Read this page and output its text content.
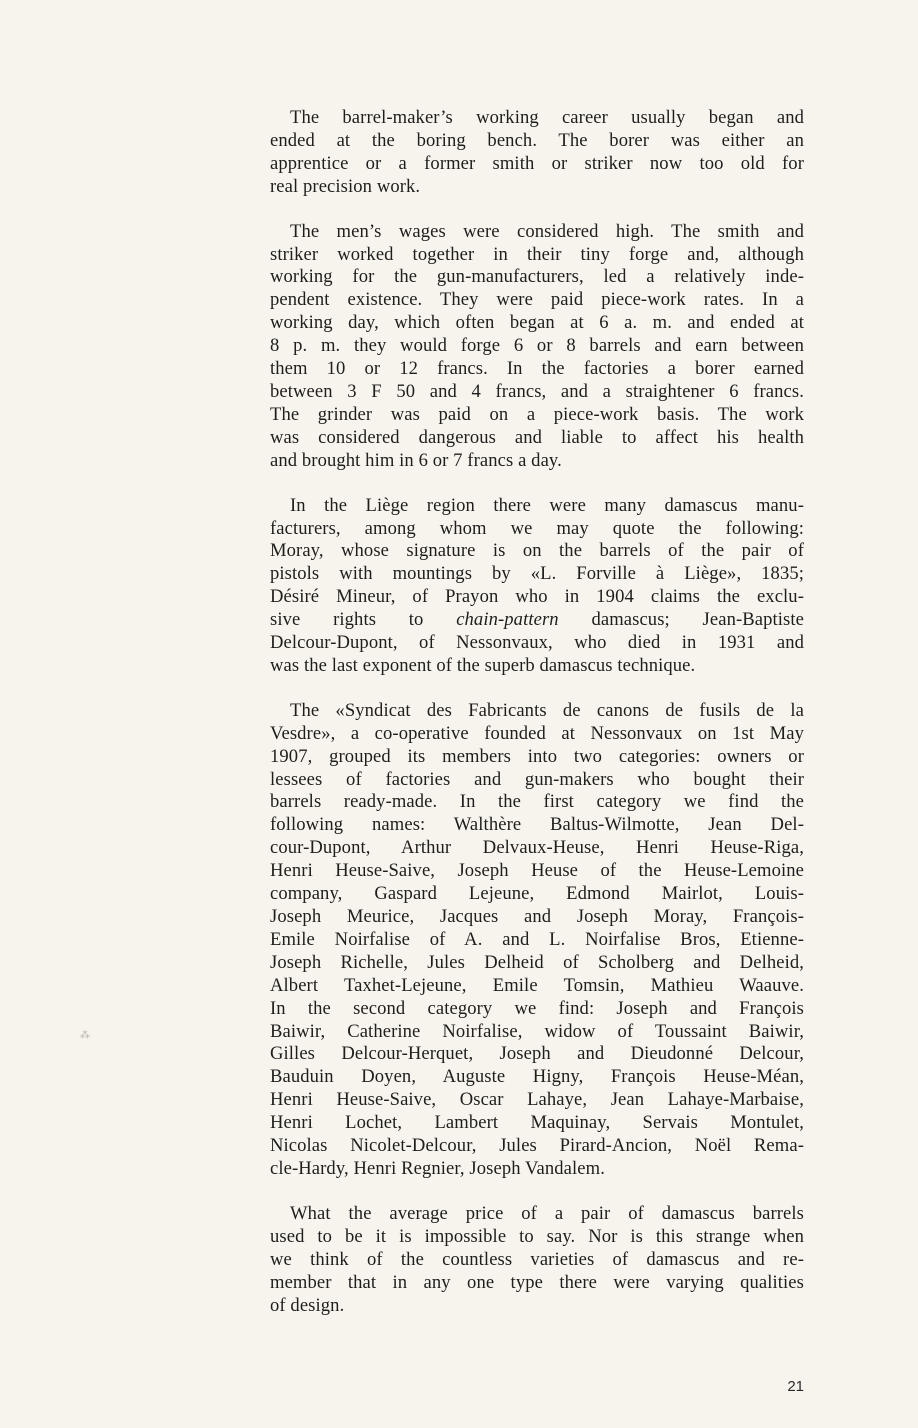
The barrel-maker’s working career usually began and
ended at the boring bench. The borer was either an
apprentice or a former smith or striker now too old for
real precision work.

The men’s wages were considered high. The smith and
striker worked together in their tiny forge and, although
working for the gun-manufacturers, led a relatively inde-
pendent existence. They were paid piece-work rates. In a
working day, which often began at 6 a. m. and ended at
8 p. m. they would forge 6 or 8 barrels and earn between
them 10 or 12 francs. In the factories a borer earned
between 3 F 50 and 4 francs, and a straightener 6 francs.
The grinder was paid on a piece-work basis. The work
was considered dangerous and liable to affect his health
and brought him in 6 or 7 francs a day.

In the Liège region there were many damascus manu-
facturers, among whom we may quote the following:
Moray, whose signature is on the barrels of the pair of
pistols with mountings by «L. Forville à Liège», 1835;
Désiré Mineur, of Prayon who in 1904 claims the exclu-
sive rights to chain-pattern damascus; Jean-Baptiste
Delcour-Dupont, of Nessonvaux, who died in 1931 and
was the last exponent of the superb damascus technique.

The «Syndicat des Fabricants de canons de fusils de la
Vesdre», a co-operative founded at Nessonvaux on 1st May
1907, grouped its members into two categories: owners or
lessees of factories and gun-makers who bought their
barrels ready-made. In the first category we find the
following names: Walthère Baltus-Wilmotte, Jean Del-
cour-Dupont, Arthur Delvaux-Heuse, Henri Heuse-Riga,
Henri Heuse-Saive, Joseph Heuse of the Heuse-Lemoine
company, Gaspard Lejeune, Edmond Mairlot, Louis-
Joseph Meurice, Jacques and Joseph Moray, François-
Emile Noirfalise of A. and L. Noirfalise Bros, Etienne-
Joseph Richelle, Jules Delheid of Scholberg and Delheid,
Albert Taxhet-Lejeune, Emile Tomsin, Mathieu Waauve.
In the second category we find: Joseph and François
Baiwir, Catherine Noirfalise, widow of Toussaint Baiwir,
Gilles Delcour-Herquet, Joseph and Dieudonné Delcour,
Bauduin Doyen, Auguste Higny, François Heuse-Méan,
Henri Heuse-Saive, Oscar Lahaye, Jean Lahaye-Marbaise,
Henri Lochet, Lambert Maquinay, Servais Montulet,
Nicolas Nicolet-Delcour, Jules Pirard-Ancion, Noël Rema-
cle-Hardy, Henri Regnier, Joseph Vandalem.

What the average price of a pair of damascus barrels
used to be it is impossible to say. Nor is this strange when
we think of the countless varieties of damascus and re-
member that in any one type there were varying qualities
of design.

⁂
21
